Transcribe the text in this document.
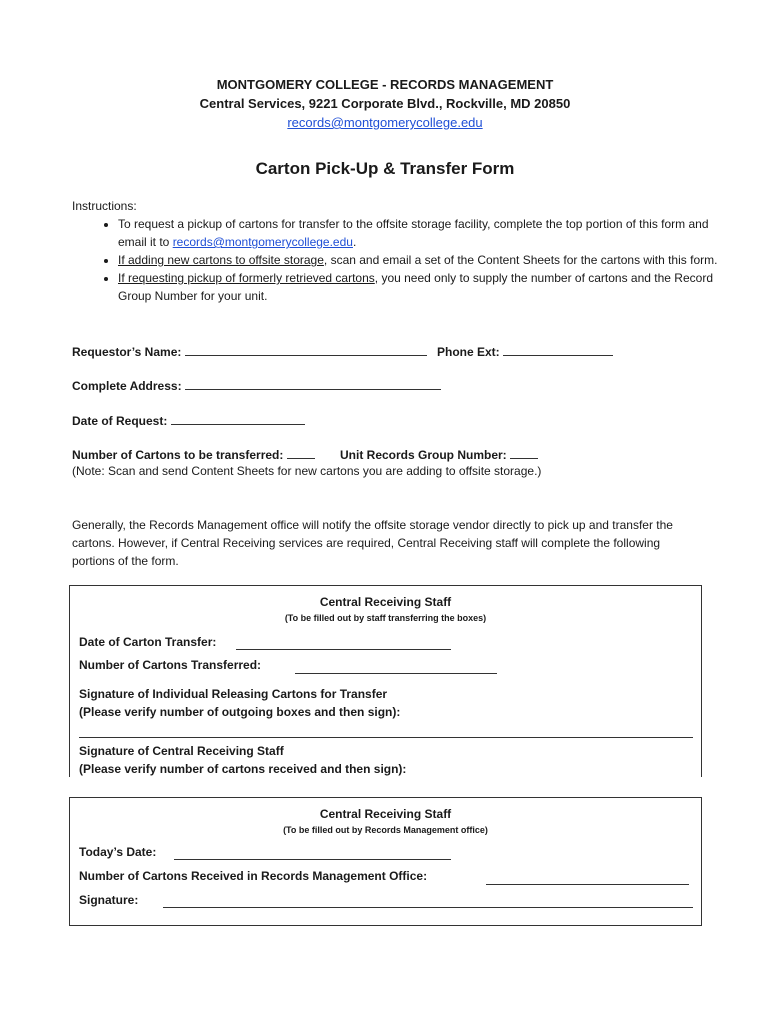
MONTGOMERY COLLEGE - RECORDS MANAGEMENT
Central Services, 9221 Corporate Blvd., Rockville, MD 20850
records@montgomerycollege.edu
Carton Pick-Up & Transfer Form
Instructions:
• To request a pickup of cartons for transfer to the offsite storage facility, complete the top portion of this form and email it to records@montgomerycollege.edu.
• If adding new cartons to offsite storage, scan and email a set of the Content Sheets for the cartons with this form.
• If requesting pickup of formerly retrieved cartons, you need only to supply the number of cartons and the Record Group Number for your unit.
Requestor’s Name:	Phone Ext:
Complete Address:
Date of Request:
Number of Cartons to be transferred:	Unit Records Group Number:
(Note: Scan and send Content Sheets for new cartons you are adding to offsite storage.)
Generally, the Records Management office will notify the offsite storage vendor directly to pick up and transfer the cartons. However, if Central Receiving services are required, Central Receiving staff will complete the following portions of the form.
Central Receiving Staff
(To be filled out by staff transferring the boxes)
Date of Carton Transfer:
Number of Cartons Transferred:
Signature of Individual Releasing Cartons for Transfer
(Please verify number of outgoing boxes and then sign):
Signature of Central Receiving Staff
(Please verify number of cartons received and then sign):
Central Receiving Staff
(To be filled out by Records Management office)
Today’s Date:
Number of Cartons Received in Records Management Office:
Signature:
